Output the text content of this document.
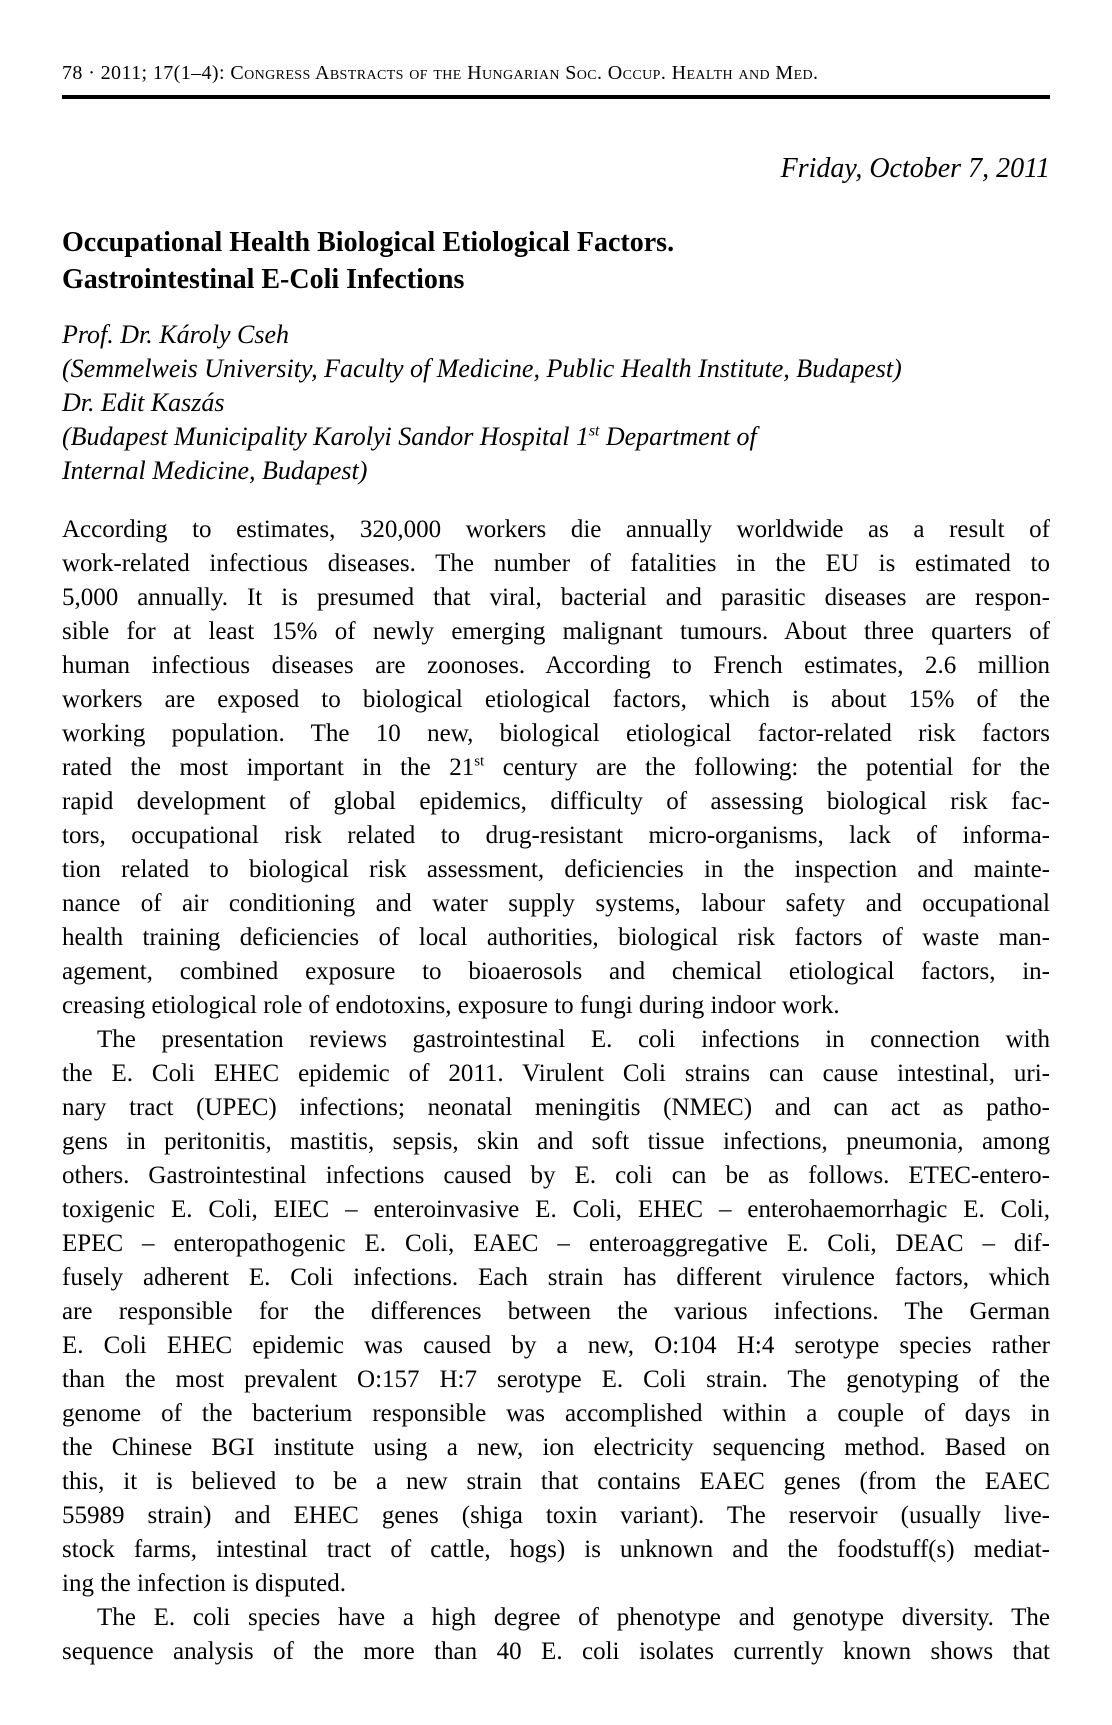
78 · 2011; 17(1–4): Congress Abstracts of the Hungarian Soc. Occup. Health and Med.
Friday, October 7, 2011
Occupational Health Biological Etiological Factors.
Gastrointestinal E-Coli Infections
Prof. Dr. Károly Cseh
(Semmelweis University, Faculty of Medicine, Public Health Institute, Budapest)
Dr. Edit Kaszás
(Budapest Municipality Karolyi Sandor Hospital 1st Department of
Internal Medicine, Budapest)
According to estimates, 320,000 workers die annually worldwide as a result of
work-related infectious diseases. The number of fatalities in the EU is estimated to
5,000 annually. It is presumed that viral, bacterial and parasitic diseases are respon-
sible for at least 15% of newly emerging malignant tumours. About three quarters of
human infectious diseases are zoonoses. According to French estimates, 2.6 million
workers are exposed to biological etiological factors, which is about 15% of the
working population. The 10 new, biological etiological factor-related risk factors
rated the most important in the 21st century are the following: the potential for the
rapid development of global epidemics, difficulty of assessing biological risk fac-
tors, occupational risk related to drug-resistant micro-organisms, lack of informa-
tion related to biological risk assessment, deficiencies in the inspection and mainte-
nance of air conditioning and water supply systems, labour safety and occupational
health training deficiencies of local authorities, biological risk factors of waste man-
agement, combined exposure to bioaerosols and chemical etiological factors, in-
creasing etiological role of endotoxins, exposure to fungi during indoor work.
The presentation reviews gastrointestinal E. coli infections in connection with
the E. Coli EHEC epidemic of 2011. Virulent Coli strains can cause intestinal, uri-
nary tract (UPEC) infections; neonatal meningitis (NMEC) and can act as patho-
gens in peritonitis, mastitis, sepsis, skin and soft tissue infections, pneumonia, among
others. Gastrointestinal infections caused by E. coli can be as follows. ETEC-entero-
toxigenic E. Coli, EIEC – enteroinvasive E. Coli, EHEC – enterohaemorrhagic E. Coli,
EPEC – enteropathogenic E. Coli, EAEC – enteroaggregative E. Coli, DEAC – dif-
fusely adherent E. Coli infections. Each strain has different virulence factors, which
are responsible for the differences between the various infections. The German
E. Coli EHEC epidemic was caused by a new, O:104 H:4 serotype species rather
than the most prevalent O:157 H:7 serotype E. Coli strain. The genotyping of the
genome of the bacterium responsible was accomplished within a couple of days in
the Chinese BGI institute using a new, ion electricity sequencing method. Based on
this, it is believed to be a new strain that contains EAEC genes (from the EAEC
55989 strain) and EHEC genes (shiga toxin variant). The reservoir (usually live-
stock farms, intestinal tract of cattle, hogs) is unknown and the foodstuff(s) mediat-
ing the infection is disputed.
The E. coli species have a high degree of phenotype and genotype diversity. The
sequence analysis of the more than 40 E. coli isolates currently known shows that
